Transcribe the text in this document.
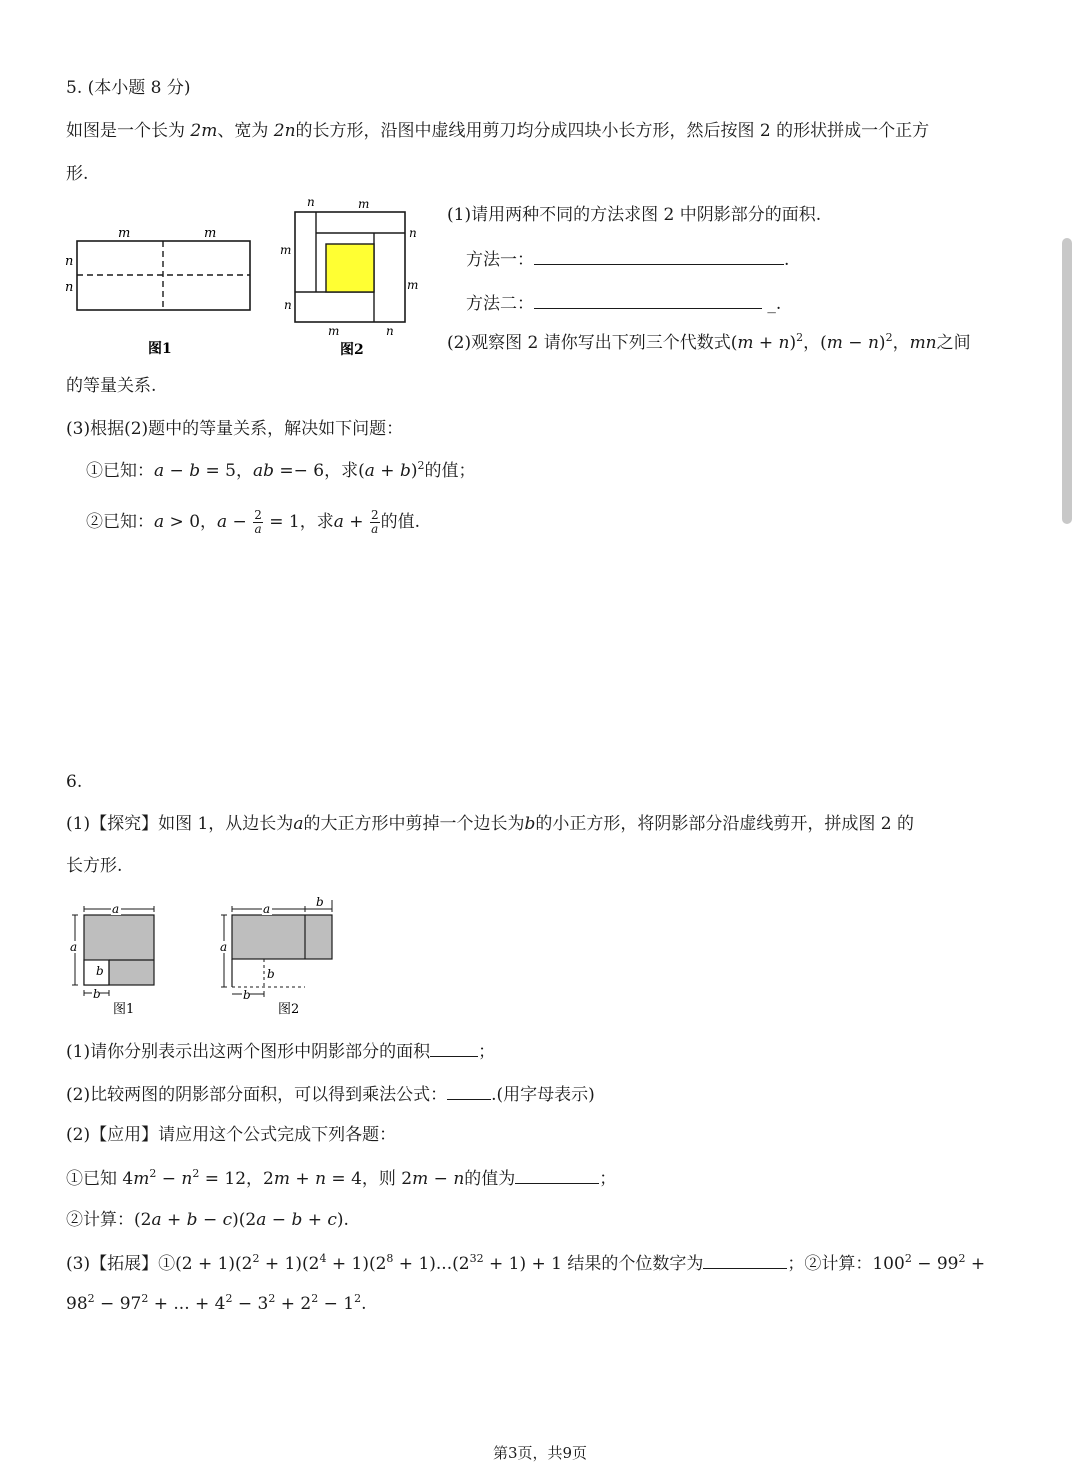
5. (本小题 8 分)
如图是一个长为 2m、宽为 2n的长方形，沿图中虚线用剪刀均分成四块小长方形，然后按图 2 的形状拼成一个正方
形.
m	m
n
n
图1
n	m
m
n
n
m
m	n
图2
(1)请用两种不同的方法求图 2 中阴影部分的面积.
方法一：	.
方法二：	_.
(2)观察图 2 请你写出下列三个代数式$(m + n)^2$，$(m - n)^2$，mn之间
的等量关系.
(3)根据(2)题中的等量关系，解决如下问题：
①已知：a − b = 5，ab =− 6，求$(a + b)^2$的值；
②已知：a > 0，$a - \frac{2}{a} = 1$，求$a + \frac{2}{a}$ 的值.
6.
(1)【探究】如图 1，从边长为a的大正方形中剪掉一个边长为b的小正方形，将阴影部分沿虚线剪开，拼成图 2 的
长方形.
a
a
b
b
图1
a	b
a
b
b
图2
(1)请你分别表示出这两个图形中阴影部分的面积	；
(2)比较两图的阴影部分面积，可以得到乘法公式：	.(用字母表示)
(2)【应用】请应用这个公式完成下列各题：
①已知 $4m^2 - n^2 = 12$，2m + n = 4，则 2m − n的值为	；
②计算：(2a + b − c)(2a − b + c).
(3)【拓展】①(2 + $1)(2^2 + 1)(2^4 + 1)(2^8 + 1)...(2^{32} + 1) + 1$ 结果的个位数字为	；②计算：$100^2 - 99^2$ +
$98^2 - 97^2$ + ... + $4^2 - 3^2 + 2^2 - 1^2$.
第3页，共9页
